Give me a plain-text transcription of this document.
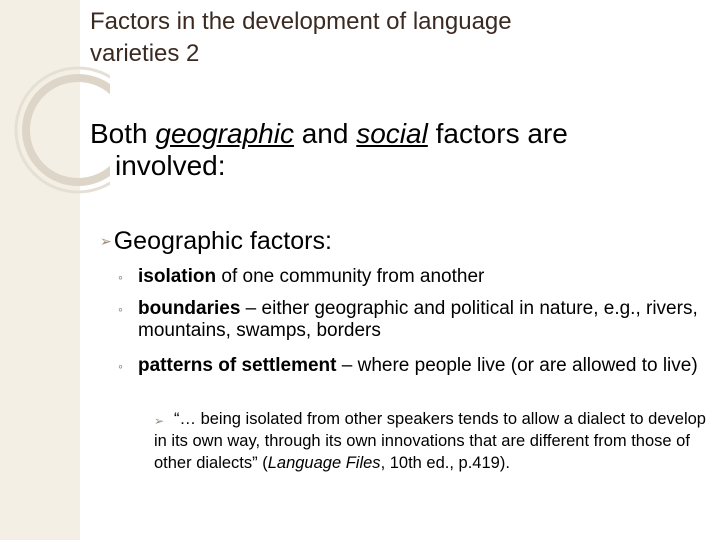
Factors in the development of language
varieties 2
Both geographic and social factors are
involved:
➢Geographic factors:
◦ isolation of one community from another
◦ boundaries – either geographic and political in nature, e.g., rivers, mountains, swamps, borders
◦ patterns of settlement – where people live (or are allowed to live)
➢ “… being isolated from other speakers tends to allow a dialect to develop in its own way, through its own innovations that are different from those of other dialects” (Language Files, 10th ed., p.419).
